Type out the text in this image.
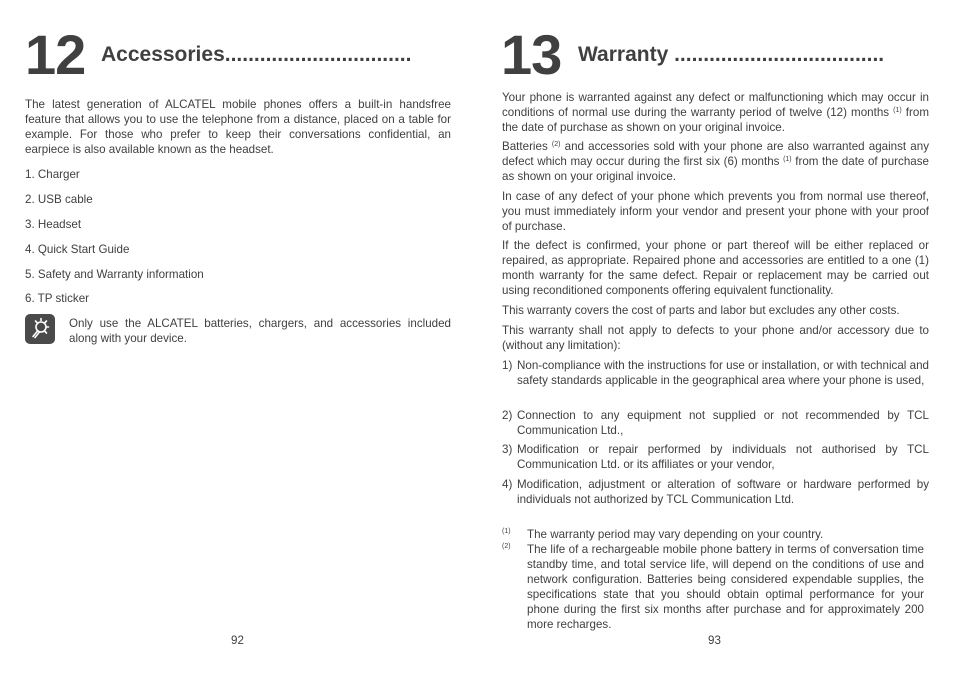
12 Accessories................................
The latest generation of ALCATEL mobile phones offers a built-in handsfree feature that allows you to use the telephone from a distance, placed on a table for example. For those who prefer to keep their conversations confidential, an earpiece is also available known as the headset.
1. Charger
2. USB cable
3. Headset
4. Quick Start Guide
5. Safety and Warranty information
6. TP sticker
Only use the ALCATEL batteries, chargers, and accessories included along with your device.
92
13 Warranty ....................................
Your phone is warranted against any defect or malfunctioning which may occur in conditions of normal use during the warranty period of twelve (12) months $^{(1)}$ from the date of purchase as shown on your original invoice.
Batteries $^{(2)}$ and accessories sold with your phone are also warranted against any defect which may occur during the first six (6) months $^{(1)}$ from the date of purchase as shown on your original invoice.
In case of any defect of your phone which prevents you from normal use thereof, you must immediately inform your vendor and present your phone with your proof of purchase.
If the defect is confirmed, your phone or part thereof will be either replaced or repaired, as appropriate. Repaired phone and accessories are entitled to a one (1) month warranty for the same defect. Repair or replacement may be carried out using reconditioned components offering equivalent functionality.
This warranty covers the cost of parts and labor but excludes any other costs.
This warranty shall not apply to defects to your phone and/or accessory due to (without any limitation):
1) Non-compliance with the instructions for use or installation, or with technical and safety standards applicable in the geographical area where your phone is used,
2) Connection to any equipment not supplied or not recommended by TCL Communication Ltd.,
3) Modification or repair performed by individuals not authorised by TCL Communication Ltd. or its affiliates or your vendor,
4) Modification, adjustment or alteration of software or hardware performed by individuals not authorized by TCL Communication Ltd.
(1) The warranty period may vary depending on your country.
(2) The life of a rechargeable mobile phone battery in terms of conversation time standby time, and total service life, will depend on the conditions of use and network configuration. Batteries being considered expendable supplies, the specifications state that you should obtain optimal performance for your phone during the first six months after purchase and for approximately 200 more recharges.
93
